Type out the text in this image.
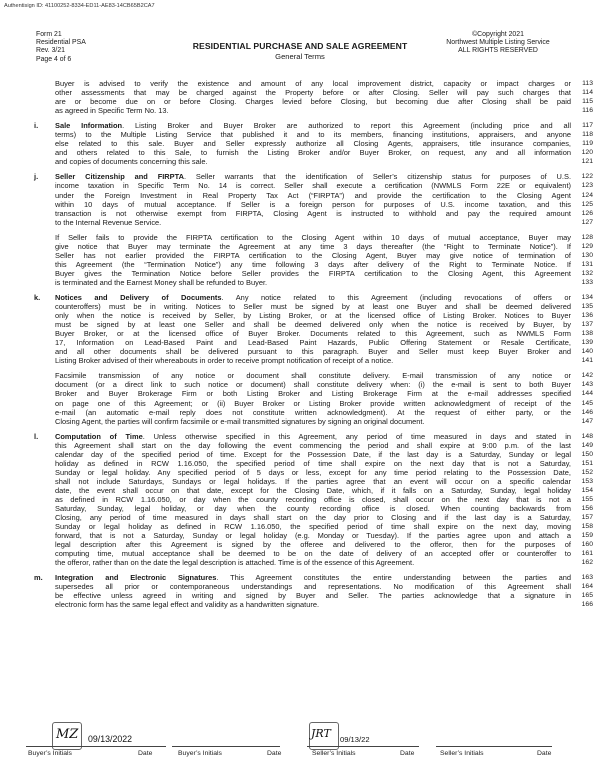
Authentisign ID: 41100252-8334-ED11-AE83-14CB65B2CA7
Form 21
Residential PSA
Rev. 3/21
Page 4 of 6
RESIDENTIAL PURCHASE AND SALE AGREEMENT
General Terms
©Copyright 2021
Northwest Multiple Listing Service
ALL RIGHTS RESERVED
Buyer is advised to verify the existence and amount of any local improvement district, capacity or impact charges or	113
other assessments that may be charged against the Property before or after Closing. Seller will pay such charges that	114
are or become due on or before Closing. Charges levied before Closing, but becoming due after Closing shall be paid	115
as agreed in Specific Term No. 13.	116
i.	Sale Information. Listing Broker and Buyer Broker are authorized to report this Agreement (including price and all	117
terms) to the Multiple Listing Service that published it and to its members, financing institutions, appraisers, and anyone	118
else related to this sale. Buyer and Seller expressly authorize all Closing Agents, appraisers, title insurance companies,	119
and others related to this Sale, to furnish the Listing Broker and/or Buyer Broker, on request, any and all information	120
and copies of documents concerning this sale.	121
j.	Seller Citizenship and FIRPTA. Seller warrants that the identification of Seller’s citizenship status for purposes of U.S.	122
income taxation in Specific Term No. 14 is correct. Seller shall execute a certification (NWMLS Form 22E or equivalent)	123
under the Foreign Investment in Real Property Tax Act (“FIRPTA”) and provide the certification to the Closing Agent	124
within 10 days of mutual acceptance. If Seller is a foreign person for purposes of U.S. income taxation, and this	125
transaction is not otherwise exempt from FIRPTA, Closing Agent is instructed to withhold and pay the required amount	126
to the Internal Revenue Service.	127
If Seller fails to provide the FIRPTA certification to the Closing Agent within 10 days of mutual acceptance, Buyer may	128
give notice that Buyer may terminate the Agreement at any time 3 days thereafter (the “Right to Terminate Notice”). If	129
Seller has not earlier provided the FIRPTA certification to the Closing Agent, Buyer may give notice of termination of	130
this Agreement (the “Termination Notice”) any time following 3 days after delivery of the Right to Terminate Notice. If	131
Buyer gives the Termination Notice before Seller provides the FIRPTA certification to the Closing Agent, this Agreement	132
is terminated and the Earnest Money shall be refunded to Buyer.	133
k.	Notices and Delivery of Documents. Any notice related to this Agreement (including revocations of offers or	134
counteroffers) must be in writing. Notices to Seller must be signed by at least one Buyer and shall be deemed delivered	135
only when the notice is received by Seller, by Listing Broker, or at the licensed office of Listing Broker. Notices to Buyer	136
must be signed by at least one Seller and shall be deemed delivered only when the notice is received by Buyer, by	137
Buyer Broker, or at the licensed office of Buyer Broker. Documents related to this Agreement, such as NWMLS Form	138
17, Information on Lead-Based Paint and Lead-Based Paint Hazards, Public Offering Statement or Resale Certificate,	139
and all other documents shall be delivered pursuant to this paragraph. Buyer and Seller must keep Buyer Broker and	140
Listing Broker advised of their whereabouts in order to receive prompt notification of receipt of a notice.	141
Facsimile transmission of any notice or document shall constitute delivery. E-mail transmission of any notice or	142
document (or a direct link to such notice or document) shall constitute delivery when: (i) the e-mail is sent to both Buyer	143
Broker and Buyer Brokerage Firm or both Listing Broker and Listing Brokerage Firm at the e-mail addresses specified	144
on page one of this Agreement; or (ii) Buyer Broker or Listing Broker provide written acknowledgment of receipt of the	145
e-mail (an automatic e-mail reply does not constitute written acknowledgment). At the request of either party, or the	146
Closing Agent, the parties will confirm facsimile or e-mail transmitted signatures by signing an original document.	147
l.	Computation of Time. Unless otherwise specified in this Agreement, any period of time measured in days and stated in	148
this Agreement shall start on the day following the event commencing the period and shall expire at 9:00 p.m. of the last	149
calendar day of the specified period of time. Except for the Possession Date, if the last day is a Saturday, Sunday or legal	150
holiday as defined in RCW 1.16.050, the specified period of time shall expire on the next day that is not a Saturday,	151
Sunday or legal holiday. Any specified period of 5 days or less, except for any time period relating to the Possession Date,	152
shall not include Saturdays, Sundays or legal holidays. If the parties agree that an event will occur on a specific calendar	153
date, the event shall occur on that date, except for the Closing Date, which, if it falls on a Saturday, Sunday, legal holiday	154
as defined in RCW 1.16.050, or day when the county recording office is closed, shall occur on the next day that is not a	155
Saturday, Sunday, legal holiday, or day when the county recording office is closed. When counting backwards from	156
Closing, any period of time measured in days shall start on the day prior to Closing and if the last day is a Saturday,	157
Sunday or legal holiday as defined in RCW 1.16.050, the specified period of time shall expire on the next day, moving	158
forward, that is not a Saturday, Sunday or legal holiday (e.g. Monday or Tuesday). If the parties agree upon and attach a	159
legal description after this Agreement is signed by the offeree and delivered to the offeror, then for the purposes of	160
computing time, mutual acceptance shall be deemed to be on the date of delivery of an accepted offer or counteroffer to	161
the offeror, rather than on the date the legal description is attached. Time is of the essence of this Agreement.	162
m.	Integration and Electronic Signatures. This Agreement constitutes the entire understanding between the parties and	163
supersedes all prior or contemporaneous understandings and representations. No modification of this Agreement shall	164
be effective unless agreed in writing and signed by Buyer and Seller. The parties acknowledge that a signature in	165
electronic form has the same legal effect and validity as a handwritten signature.	166
MZ 09/13/2022	JRT 09/13/22
Buyer’s Initials	Date	Buyer’s Initials	Date	Seller’s Initials	Date	Seller’s Initials	Date
